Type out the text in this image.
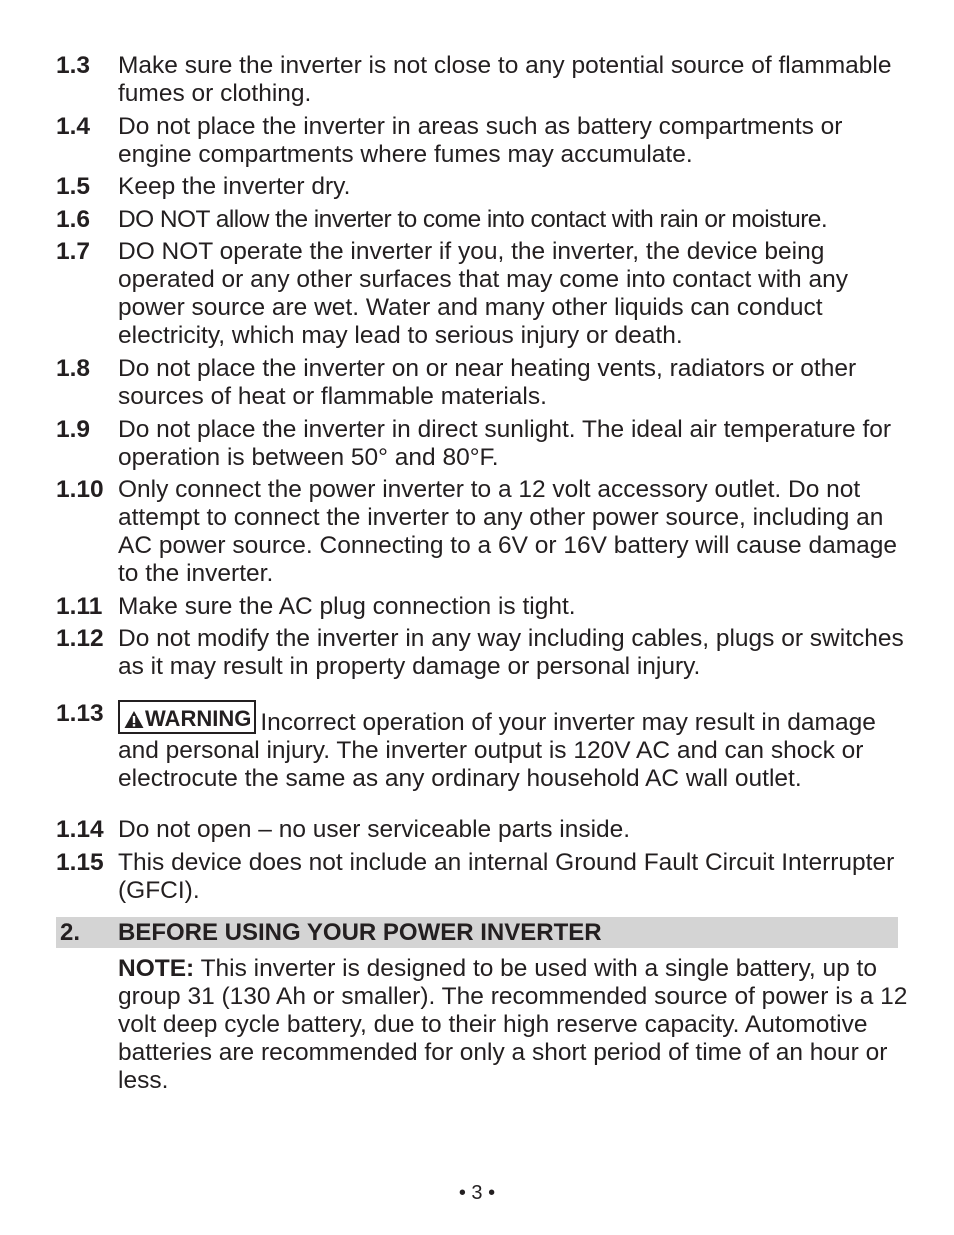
1.3	Make sure the inverter is not close to any potential source of flammable fumes or clothing.
1.4	Do not place the inverter in areas such as battery compartments or engine compartments where fumes may accumulate.
1.5	Keep the inverter dry.
1.6	DO NOT allow the inverter to come into contact with rain or moisture.
1.7	DO NOT operate the inverter if you, the inverter, the device being operated or any other surfaces that may come into contact with any power source are wet. Water and many other liquids can conduct electricity, which may lead to serious injury or death.
1.8	Do not place the inverter on or near heating vents, radiators or other sources of heat or flammable materials.
1.9	Do not place the inverter in direct sunlight. The ideal air temperature for operation is between 50° and 80°F.
1.10 Only connect the power inverter to a 12 volt accessory outlet. Do not attempt to connect the inverter to any other power source, including an AC power source. Connecting to a 6V or 16V battery will cause damage to the inverter.
1.11 Make sure the AC plug connection is tight.
1.12 Do not modify the inverter in any way including cables, plugs or switches as it may result in property damage or personal injury.
1.13	WARNING Incorrect operation of your inverter may result in damage and personal injury. The inverter output is 120V AC and can shock or electrocute the same as any ordinary household AC wall outlet.
1.14 Do not open – no user serviceable parts inside.
1.15 This device does not include an internal Ground Fault Circuit Interrupter (GFCI).
2. BEFORE USING YOUR POWER INVERTER
NOTE: This inverter is designed to be used with a single battery, up to group 31 (130 Ah or smaller). The recommended source of power is a 12 volt deep cycle battery, due to their high reserve capacity. Automotive batteries are recommended for only a short period of time of an hour or less.
• 3 •
